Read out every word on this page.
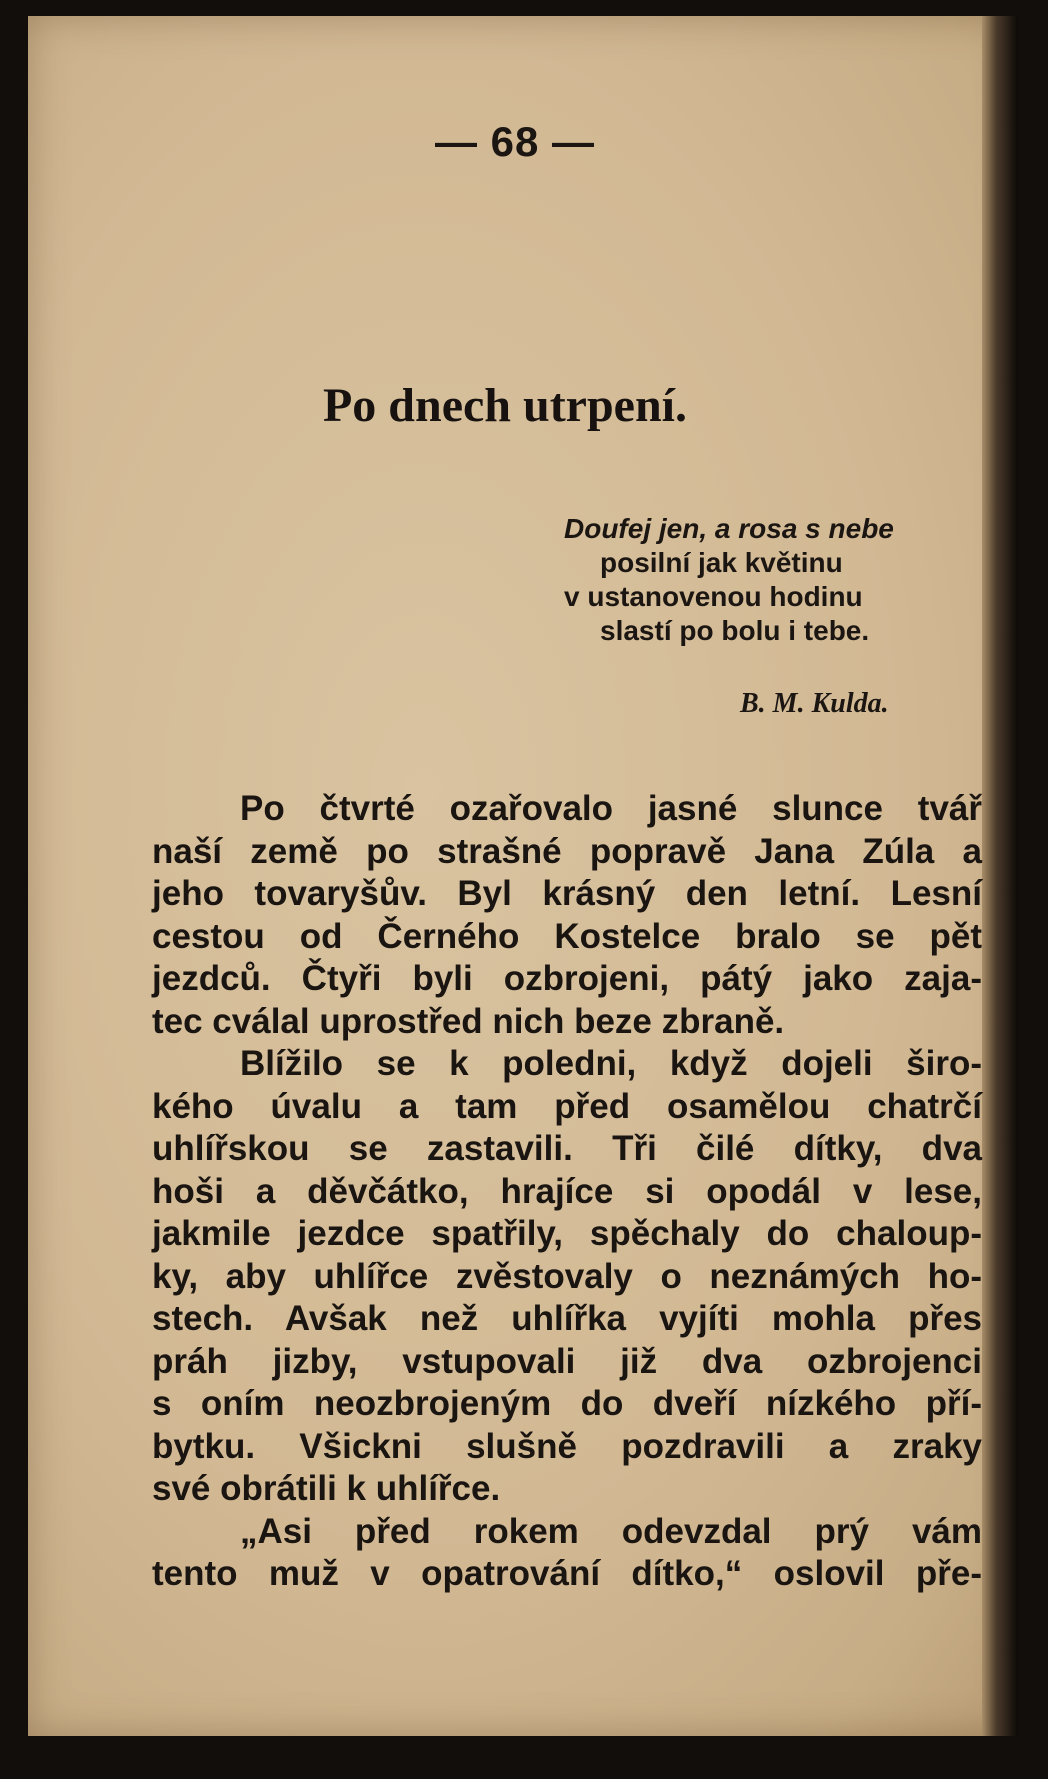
— 68 —
Po dnech utrpení.
Doufej jen, a rosa s nebe
posilní jak květinu
v ustanovenou hodinu
slastí po bolu i tebe.
B. M. Kulda.
Po čtvrté ozařovalo jasné slunce tvář
naší země po strašné popravě Jana Zúla a
jeho tovaryšův. Byl krásný den letní. Lesní
cestou od Černého Kostelce bralo se pět
jezdců. Čtyři byli ozbrojeni, pátý jako zaja-
tec cválal uprostřed nich beze zbraně.
Blížilo se k poledni, když dojeli širo-
kého úvalu a tam před osamělou chatrčí
uhlířskou se zastavili. Tři čilé dítky, dva
hoši a děvčátko, hrajíce si opodál v lese,
jakmile jezdce spatřily, spěchaly do chaloup-
ky, aby uhlířce zvěstovaly o neznámých ho-
stech. Avšak než uhlířka vyjíti mohla přes
práh jizby, vstupovali již dva ozbrojenci
s oním neozbrojeným do dveří nízkého pří-
bytku. Všickni slušně pozdravili a zraky
své obrátili k uhlířce.
„Asi před rokem odevzdal prý vám
tento muž v opatrování dítko,“ oslovil pře-
